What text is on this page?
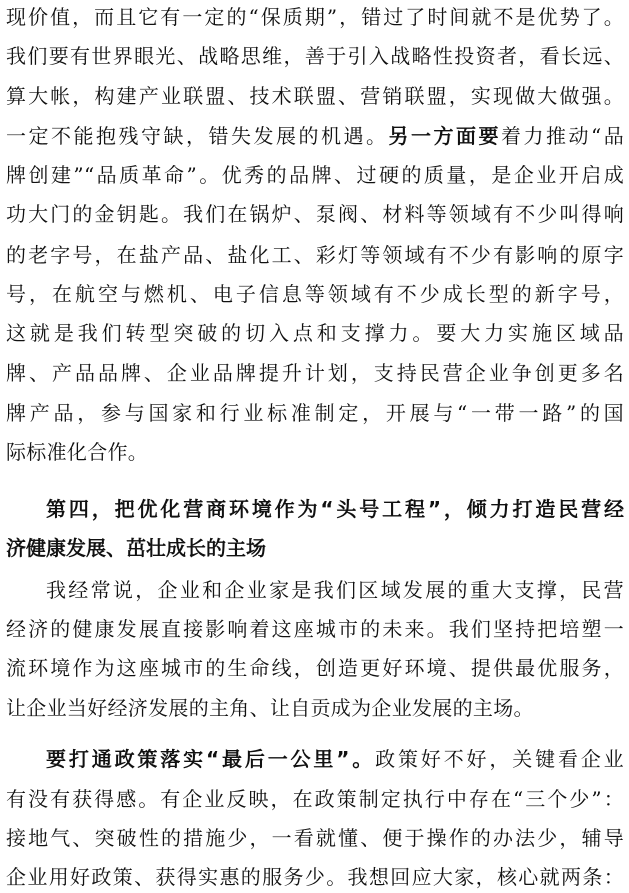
现价值，而且它有一定的“保质期”，错过了时间就不是优势了。
我们要有世界眼光、战略思维，善于引入战略性投资者，看长远、
算大帐，构建产业联盟、技术联盟、营销联盟，实现做大做强。
一定不能抱残守缺，错失发展的机遇。另一方面要着力推动“品
牌创建”“品质革命”。优秀的品牌、过硬的质量，是企业开启成
功大门的金钥匙。我们在锅炉、泵阀、材料等领域有不少叫得响
的老字号，在盐产品、盐化工、彩灯等领域有不少有影响的原字
号，在航空与燃机、电子信息等领域有不少成长型的新字号，
这就是我们转型突破的切入点和支撑力。要大力实施区域品
牌、产品品牌、企业品牌提升计划，支持民营企业争创更多名
牌产品，参与国家和行业标准制定，开展与“一带一路”的国
际标准化合作。
第四，把优化营商环境作为“头号工程”，倾力打造民营经
济健康发展、茁壮成长的主场
我经常说，企业和企业家是我们区域发展的重大支撑，民营
经济的健康发展直接影响着这座城市的未来。我们坚持把培塑一
流环境作为这座城市的生命线，创造更好环境、提供最优服务，
让企业当好经济发展的主角、让自贡成为企业发展的主场。
要打通政策落实“最后一公里”。政策好不好，关键看企业
有没有获得感。有企业反映，在政策制定执行中存在“三个少”：
接地气、突破性的措施少，一看就懂、便于操作的办法少，辅导
企业用好政策、获得实惠的服务少。我想回应大家，核心就两条：
